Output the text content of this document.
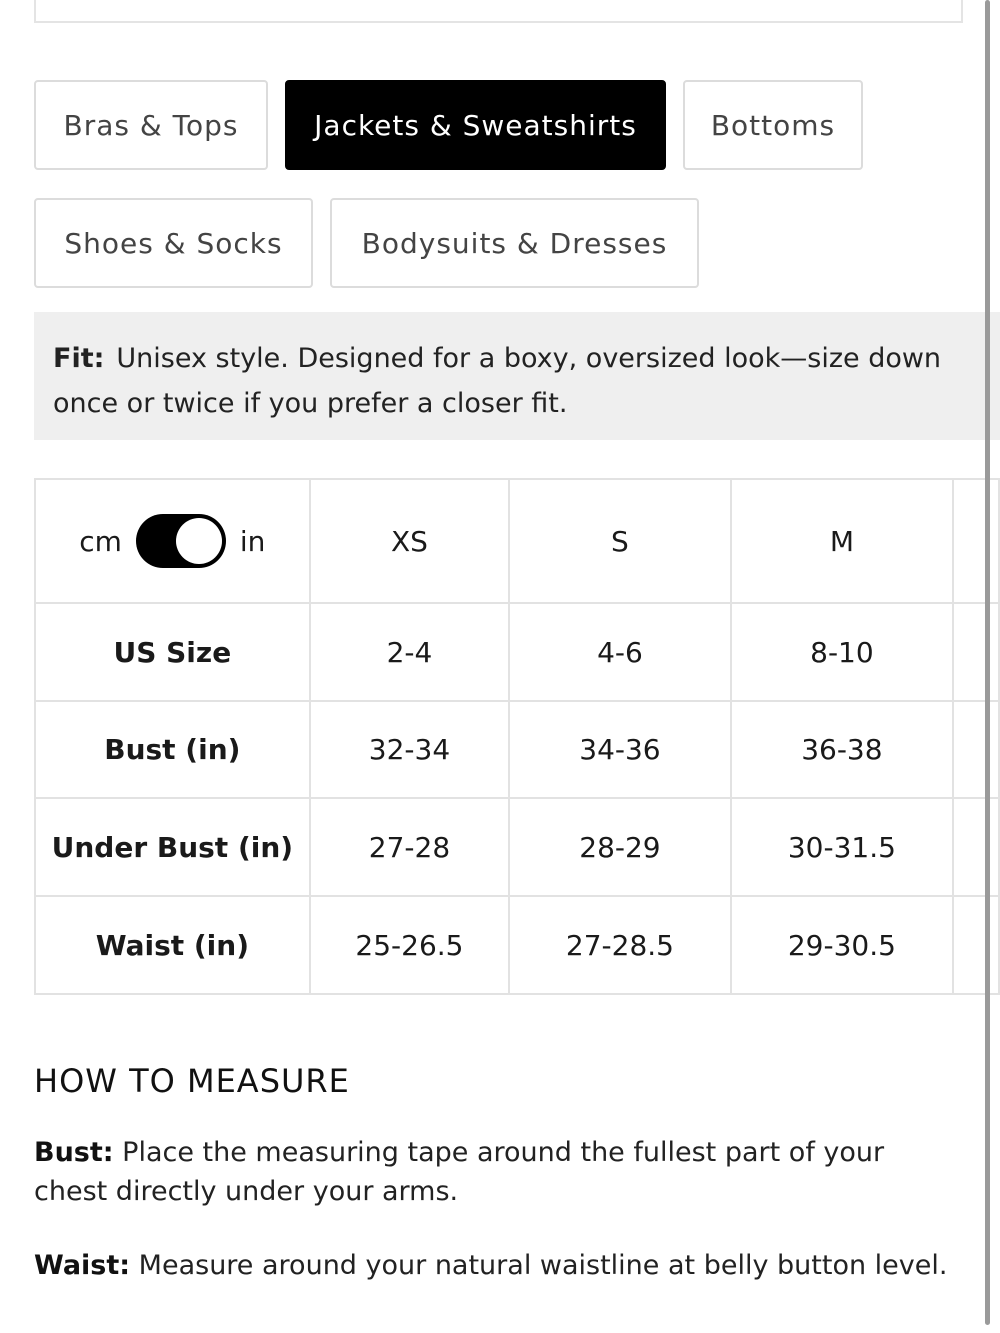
Bras & Tops	Jackets & Sweatshirts	Bottoms
Shoes & Socks	Bodysuits & Dresses
Fit: Unisex style. Designed for a boxy, oversized look—size down once or twice if you prefer a closer fit.
cm in	XS	S	M	
US Size	2-4	4-6	8-10	
Bust (in)	32-34	34-36	36-38	
Under Bust (in)	27-28	28-29	30-31.5	
Waist (in)	25-26.5	27-28.5	29-30.5	
HOW TO MEASURE
Bust: Place the measuring tape around the fullest part of your chest directly under your arms.
Waist: Measure around your natural waistline at belly button level.
